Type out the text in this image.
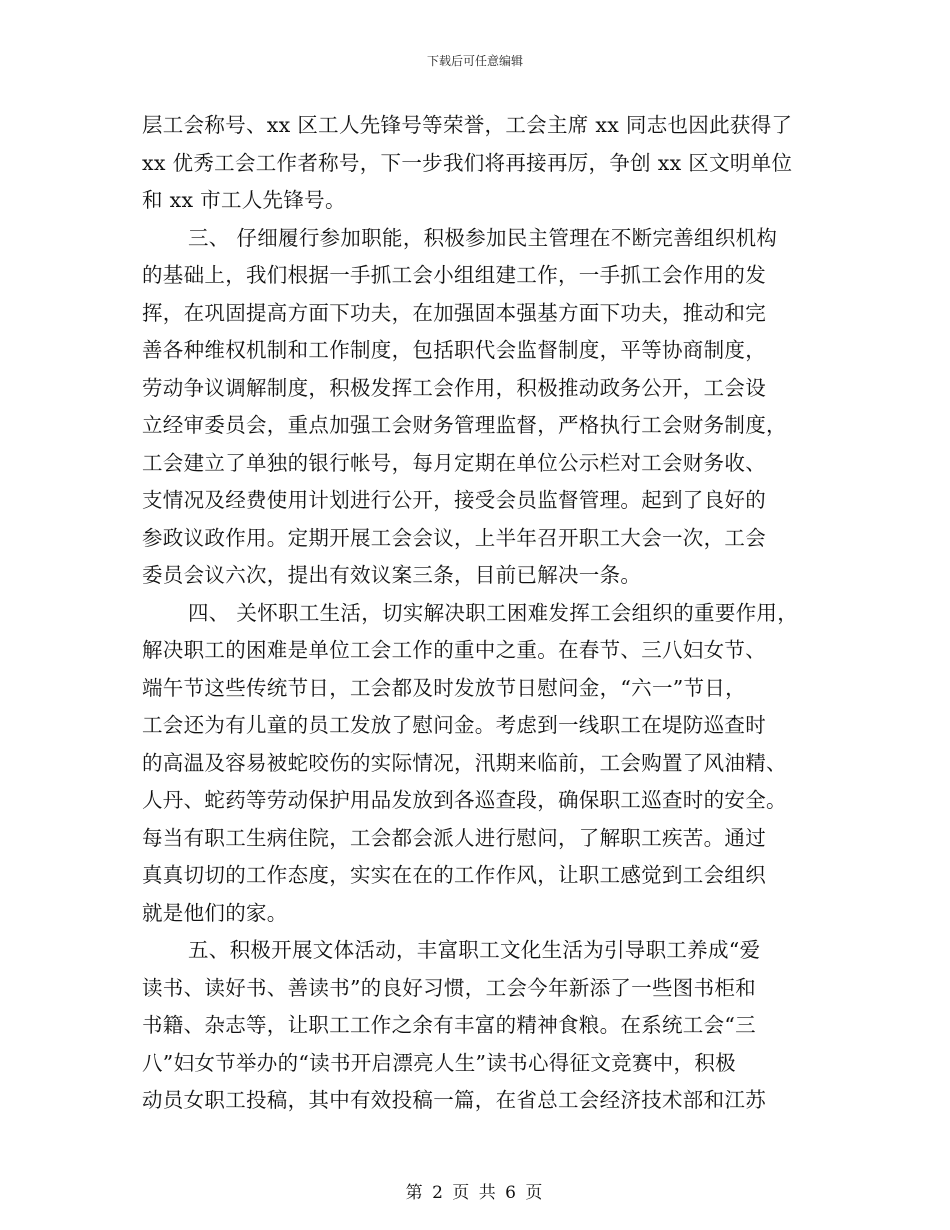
下载后可任意编辑
层工会称号、xx 区工人先锋号等荣誉，工会主席 xx 同志也因此获得了
xx 优秀工会工作者称号，下一步我们将再接再厉，争创 xx 区文明单位
和 xx 市工人先锋号。
三、 仔细履行参加职能，积极参加民主管理在不断完善组织机构
的基础上，我们根据一手抓工会小组组建工作，一手抓工会作用的发
挥，在巩固提高方面下功夫，在加强固本强基方面下功夫，推动和完
善各种维权机制和工作制度，包括职代会监督制度，平等协商制度，
劳动争议调解制度，积极发挥工会作用，积极推动政务公开，工会设
立经审委员会，重点加强工会财务管理监督，严格执行工会财务制度，
工会建立了单独的银行帐号，每月定期在单位公示栏对工会财务收、
支情况及经费使用计划进行公开，接受会员监督管理。起到了良好的
参政议政作用。定期开展工会会议，上半年召开职工大会一次，工会
委员会议六次，提出有效议案三条，目前已解决一条。
四、 关怀职工生活，切实解决职工困难发挥工会组织的重要作用，
解决职工的困难是单位工会工作的重中之重。在春节、三八妇女节、
端午节这些传统节日，工会都及时发放节日慰问金，“六一”节日，
工会还为有儿童的员工发放了慰问金。考虑到一线职工在堤防巡查时
的高温及容易被蛇咬伤的实际情况，汛期来临前，工会购置了风油精、
人丹、蛇药等劳动保护用品发放到各巡查段，确保职工巡查时的安全。
每当有职工生病住院，工会都会派人进行慰问，了解职工疾苦。通过
真真切切的工作态度，实实在在的工作作风，让职工感觉到工会组织
就是他们的家。
五、积极开展文体活动，丰富职工文化生活为引导职工养成“爱
读书、读好书、善读书”的良好习惯，工会今年新添了一些图书柜和
书籍、杂志等，让职工工作之余有丰富的精神食粮。在系统工会“三
八”妇女节举办的“读书开启漂亮人生”读书心得征文竞赛中，积极
动员女职工投稿，其中有效投稿一篇，在省总工会经济技术部和江苏
第 2 页 共 6 页
